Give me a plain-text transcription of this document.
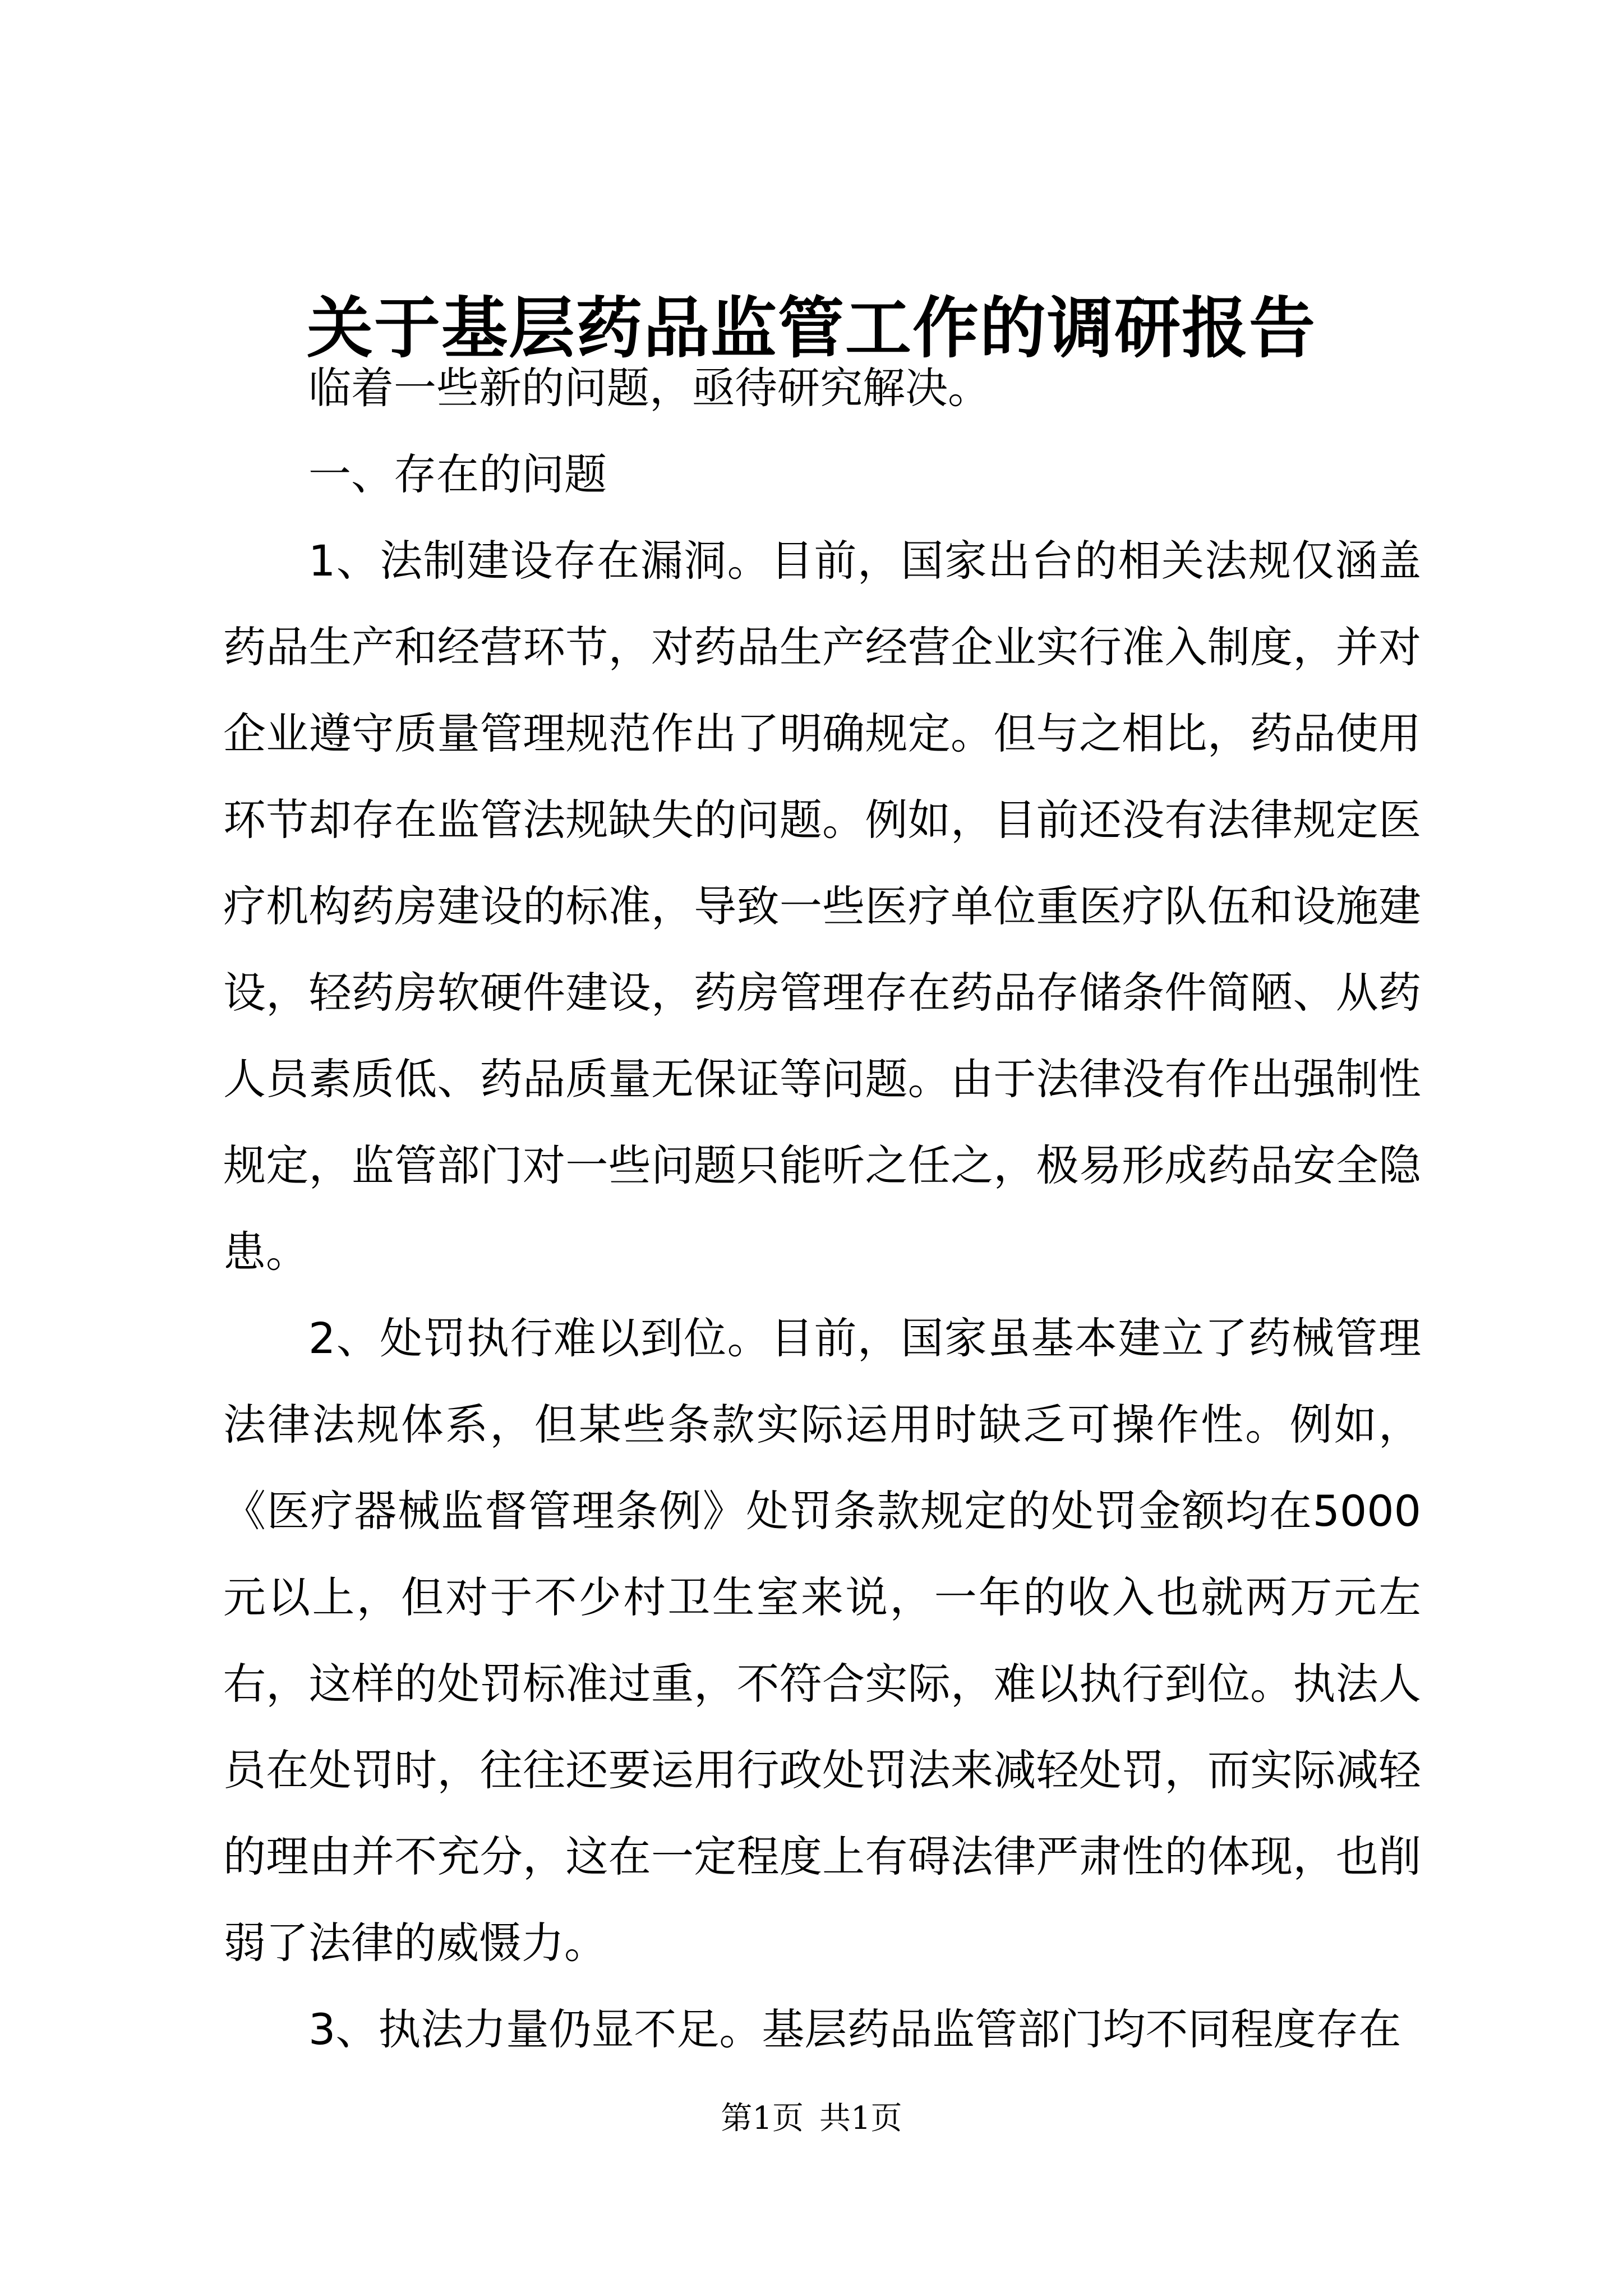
关于基层药品监管工作的调研报告

临着一些新的问题，亟待研究解决。

一、存在的问题

1、法制建设存在漏洞。目前，国家出台的相关法规仅涵盖药品生产和经营环节，对药品生产经营企业实行准入制度，并对企业遵守质量管理规范作出了明确规定。但与之相比，药品使用环节却存在监管法规缺失的问题。例如，目前还没有法律规定医疗机构药房建设的标准，导致一些医疗单位重医疗队伍和设施建设，轻药房软硬件建设，药房管理存在药品存储条件简陋、从药人员素质低、药品质量无保证等问题。由于法律没有作出强制性规定，监管部门对一些问题只能听之任之，极易形成药品安全隐患。

2、处罚执行难以到位。目前，国家虽基本建立了药械管理法律法规体系，但某些条款实际运用时缺乏可操作性。例如，《医疗器械监督管理条例》处罚条款规定的处罚金额均在5000元以上，但对于不少村卫生室来说，一年的收入也就两万元左右，这样的处罚标准过重，不符合实际，难以执行到位。执法人员在处罚时，往往还要运用行政处罚法来减轻处罚，而实际减轻的理由并不充分，这在一定程度上有碍法律严肃性的体现，也削弱了法律的威慑力。

3、执法力量仍显不足。基层药品监管部门均不同程度存在

第1页 共1页
